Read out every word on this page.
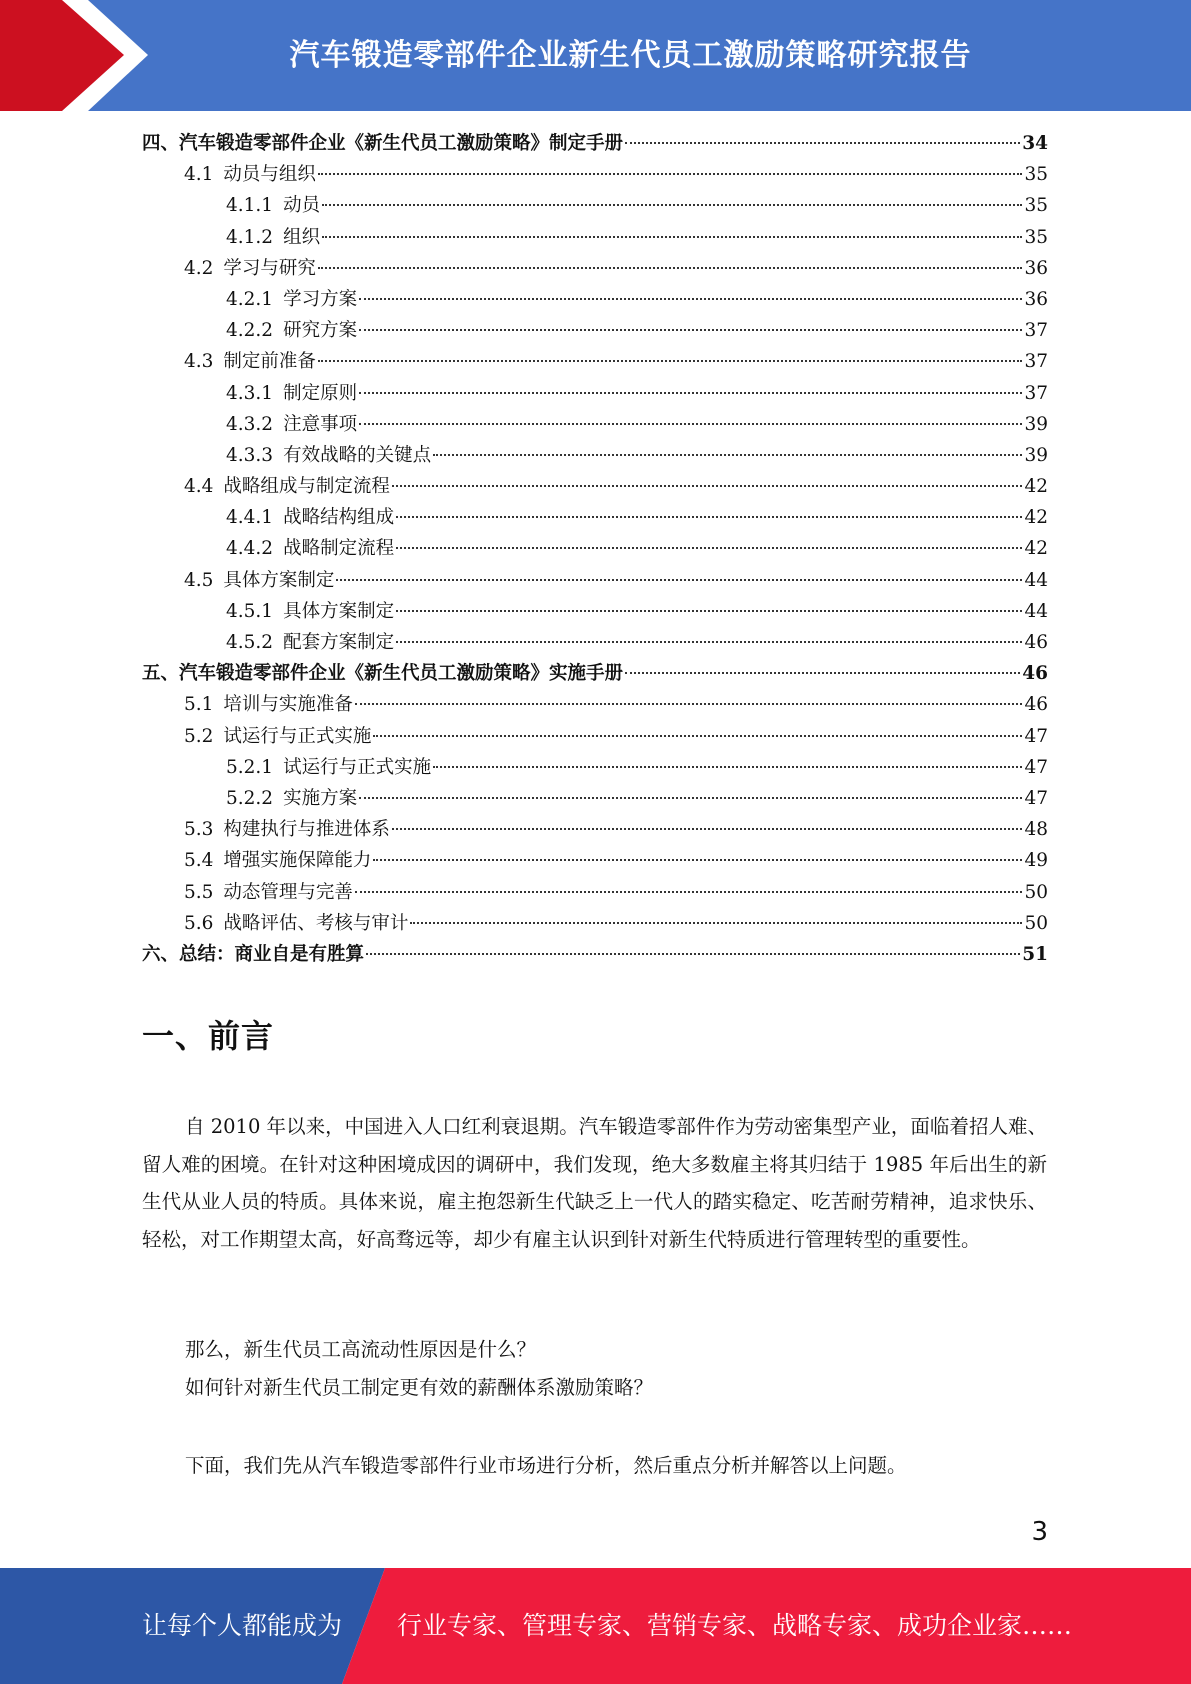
汽车锻造零部件企业新生代员工激励策略研究报告
四、汽车锻造零部件企业《新生代员工激励策略》制定手册	34
4.1 动员与组织	35
4.1.1 动员	35
4.1.2 组织	35
4.2 学习与研究	36
4.2.1 学习方案	36
4.2.2 研究方案	37
4.3 制定前准备	37
4.3.1 制定原则	37
4.3.2 注意事项	39
4.3.3 有效战略的关键点	39
4.4 战略组成与制定流程	42
4.4.1 战略结构组成	42
4.4.2 战略制定流程	42
4.5 具体方案制定	44
4.5.1 具体方案制定	44
4.5.2 配套方案制定	46
五、汽车锻造零部件企业《新生代员工激励策略》实施手册	46
5.1 培训与实施准备	46
5.2 试运行与正式实施	47
5.2.1 试运行与正式实施	47
5.2.2 实施方案	47
5.3 构建执行与推进体系	48
5.4 增强实施保障能力	49
5.5 动态管理与完善	50
5.6 战略评估、考核与审计	50
六、总结：商业自是有胜算	51
一、前言

自 2010 年以来，中国进入人口红利衰退期。汽车锻造零部件作为劳动密集型产业，面临着招人难、留人难的困境。在针对这种困境成因的调研中，我们发现，绝大多数雇主将其归结于 1985 年后出生的新生代从业人员的特质。具体来说，雇主抱怨新生代缺乏上一代人的踏实稳定、吃苦耐劳精神，追求快乐、轻松，对工作期望太高，好高骛远等，却少有雇主认识到针对新生代特质进行管理转型的重要性。

那么，新生代员工高流动性原因是什么？

如何针对新生代员工制定更有效的薪酬体系激励策略？

下面，我们先从汽车锻造零部件行业市场进行分析，然后重点分析并解答以上问题。

3
让每个人都能成为 行业专家、管理专家、营销专家、战略专家、成功企业家……
